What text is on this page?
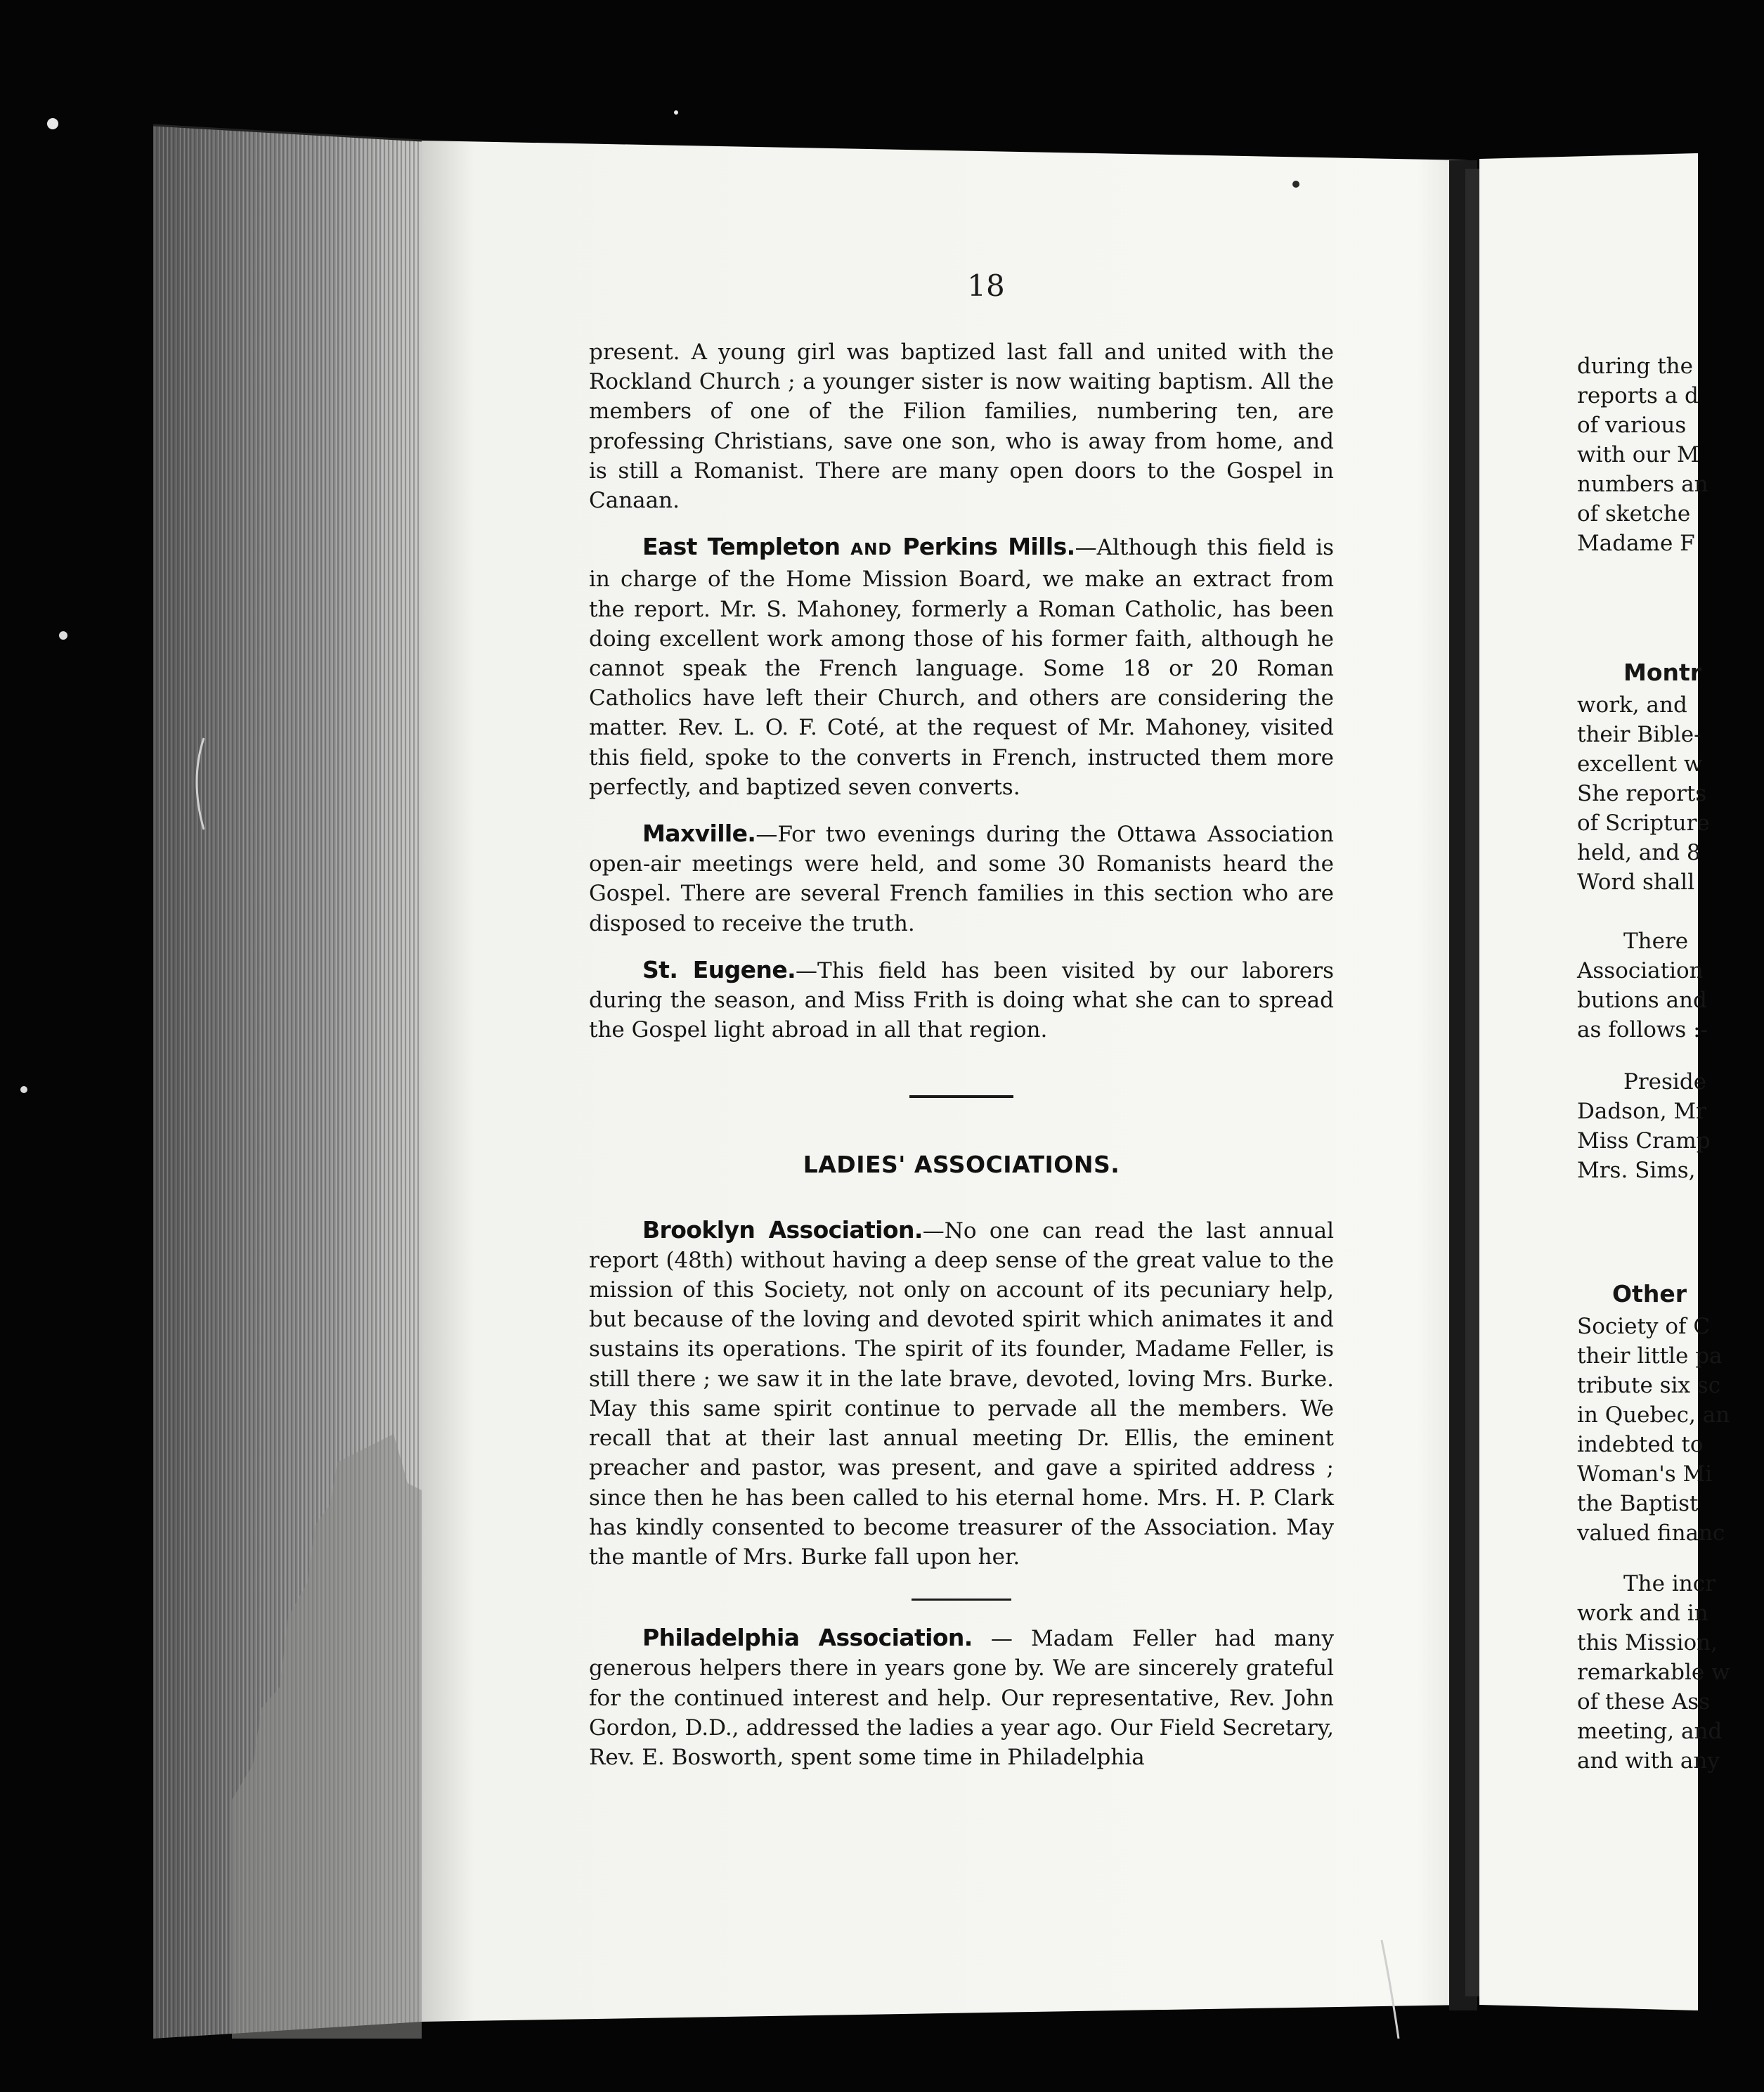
18

present. A young girl was baptized last fall and united with the Rockland Church ; a younger sister is now waiting baptism. All the members of one of the Filion families, numbering ten, are professing Christians, save one son, who is away from home, and is still a Romanist. There are many open doors to the Gospel in Canaan.

East Templeton AND Perkins Mills.—Although this field is in charge of the Home Mission Board, we make an extract from the report. Mr. S. Mahoney, formerly a Roman Catholic, has been doing excellent work among those of his former faith, although he cannot speak the French language. Some 18 or 20 Roman Catholics have left their Church, and others are considering the matter. Rev. L. O. F. Coté, at the request of Mr. Mahoney, visited this field, spoke to the converts in French, instructed them more perfectly, and baptized seven converts.

Maxville.—For two evenings during the Ottawa Association open-air meetings were held, and some 30 Romanists heard the Gospel. There are several French families in this section who are disposed to receive the truth.

St. Eugene.—This field has been visited by our laborers during the season, and Miss Frith is doing what she can to spread the Gospel light abroad in all that region.

LADIES' ASSOCIATIONS.

Brooklyn Association.—No one can read the last annual report (48th) without having a deep sense of the great value to the mission of this Society, not only on account of its pecuniary help, but because of the loving and devoted spirit which animates it and sustains its operations. The spirit of its founder, Madame Feller, is still there ; we saw it in the late brave, devoted, loving Mrs. Burke. May this same spirit continue to pervade all the members. We recall that at their last annual meeting Dr. Ellis, the eminent preacher and pastor, was present, and gave a spirited address ; since then he has been called to his eternal home. Mrs. H. P. Clark has kindly consented to become treasurer of the Association. May the mantle of Mrs. Burke fall upon her.

Philadelphia Association. — Madam Feller had many generous helpers there in years gone by. We are sincerely grateful for the continued interest and help. Our representative, Rev. John Gordon, D.D., addressed the ladies a year ago. Our Field Secretary, Rev. E. Bosworth, spent some time in Philadelphia

during the
reports a d
of various
with our M
numbers an
of sketche
Madame F
Montr
work, and
their Bible-
excellent w
She reports
of Scripture
held, and 8
Word shall
There
Association
butions and
as follows :-
Preside
Dadson, Mr
Miss Cramp
Mrs. Sims,
Other
Society of C
their little pa
tribute six sc
in Quebec, an
indebted to
Woman's Mi
the Baptist
valued financ
The incr
work and in
this Mission,
remarkable w
of these Ass
meeting, and
and with any
